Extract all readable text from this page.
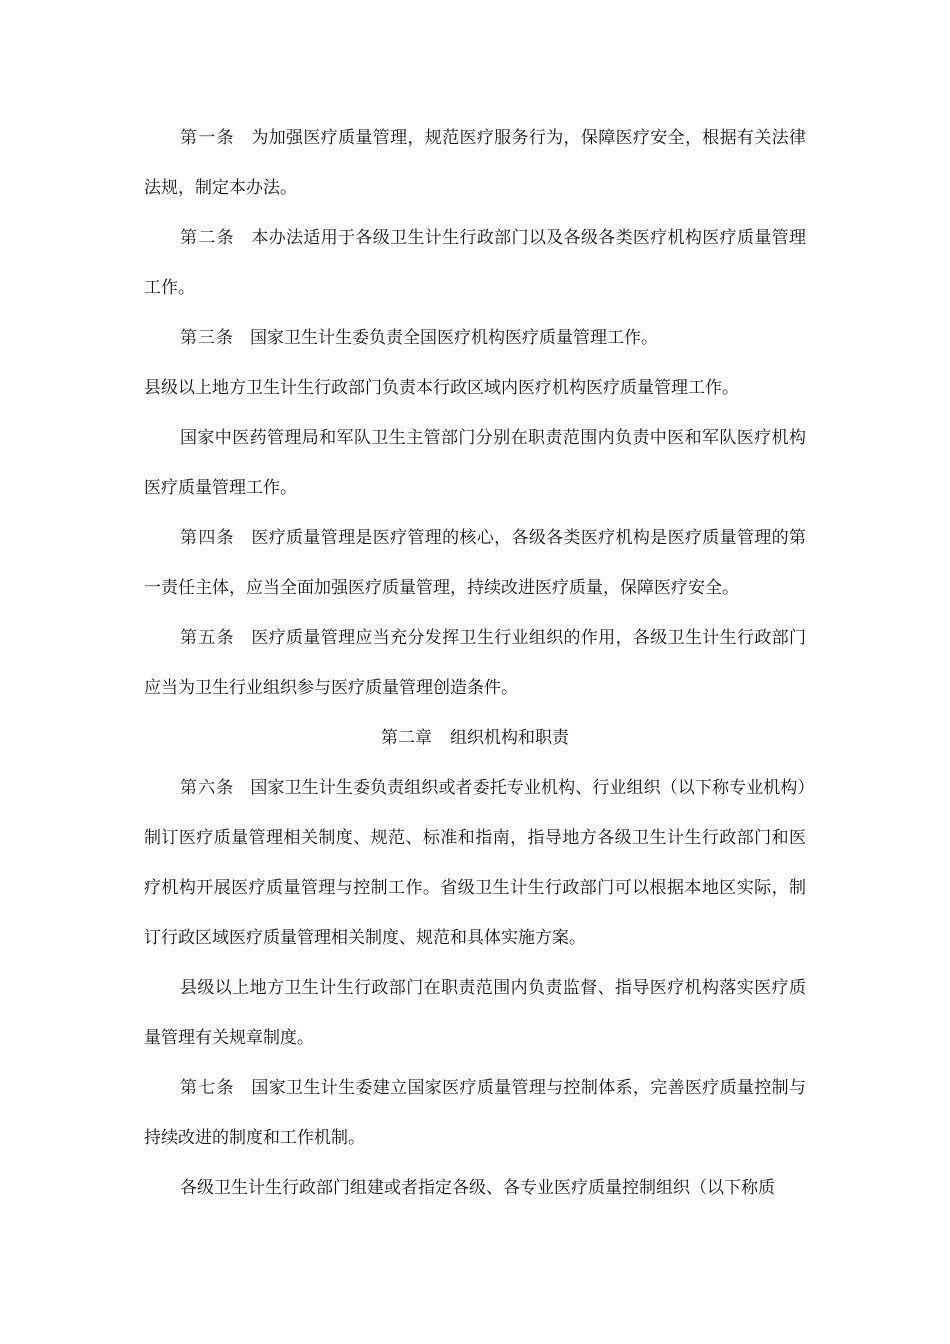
第一条 为加强医疗质量管理，规范医疗服务行为，保障医疗安全，根据有关法律法规，制定本办法。

第二条 本办法适用于各级卫生计生行政部门以及各级各类医疗机构医疗质量管理工作。

第三条 国家卫生计生委负责全国医疗机构医疗质量管理工作。

县级以上地方卫生计生行政部门负责本行政区域内医疗机构医疗质量管理工作。

国家中医药管理局和军队卫生主管部门分别在职责范围内负责中医和军队医疗机构医疗质量管理工作。

第四条 医疗质量管理是医疗管理的核心，各级各类医疗机构是医疗质量管理的第一责任主体，应当全面加强医疗质量管理，持续改进医疗质量，保障医疗安全。

第五条 医疗质量管理应当充分发挥卫生行业组织的作用，各级卫生计生行政部门应当为卫生行业组织参与医疗质量管理创造条件。

第二章 组织机构和职责

第六条 国家卫生计生委负责组织或者委托专业机构、行业组织（以下称专业机构）制订医疗质量管理相关制度、规范、标准和指南，指导地方各级卫生计生行政部门和医疗机构开展医疗质量管理与控制工作。省级卫生计生行政部门可以根据本地区实际，制订行政区域医疗质量管理相关制度、规范和具体实施方案。

县级以上地方卫生计生行政部门在职责范围内负责监督、指导医疗机构落实医疗质量管理有关规章制度。

第七条 国家卫生计生委建立国家医疗质量管理与控制体系，完善医疗质量控制与持续改进的制度和工作机制。

各级卫生计生行政部门组建或者指定各级、各专业医疗质量控制组织（以下称质
